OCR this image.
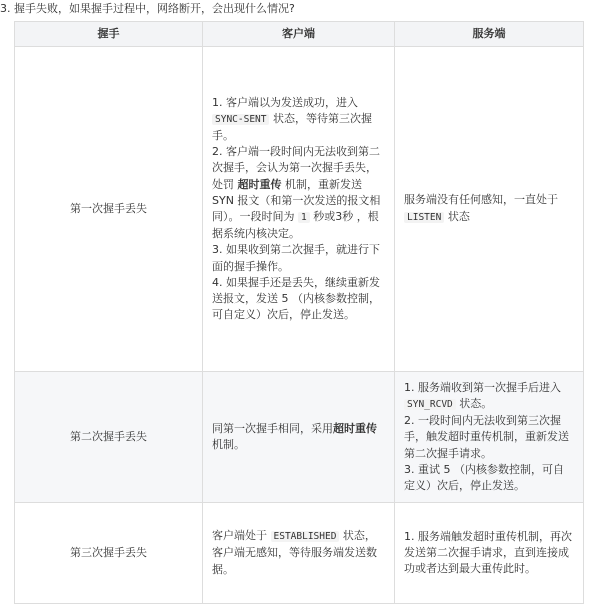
3. 握手失败，如果握手过程中，网络断开，会出现什么情况?
握手	客户端	服务端
第一次握手丢失	1. 客户端以为发送成功，进入 SYNC-SENT 状态，等待第三次握手。
2. 客户端一段时间内无法收到第二次握手，会认为第一次握手丢失，处罚 超时重传 机制，重新发送 SYN 报文（和第一次发送的报文相同）。一段时间为 1 秒或3秒 ，根据系统内核决定。
3. 如果收到第二次握手，就进行下面的握手操作。
4. 如果握手还是丢失，继续重新发送报文，发送 5 （内核参数控制，可自定义）次后，停止发送。	服务端没有任何感知，一直处于 LISTEN 状态
第二次握手丢失	同第一次握手相同，采用超时重传机制。	1. 服务端收到第一次握手后进入 SYN_RCVD 状态。
2. 一段时间内无法收到第三次握手，触发超时重传机制，重新发送第二次握手请求。
3. 重试 5 （内核参数控制，可自定义）次后，停止发送。

第三次握手丢失	客户端处于 ESTABLISHED 状态，客户端无感知，等待服务端发送数据。	1. 服务端触发超时重传机制，再次发送第二次握手请求，直到连接成功或者达到最大重传此时。
